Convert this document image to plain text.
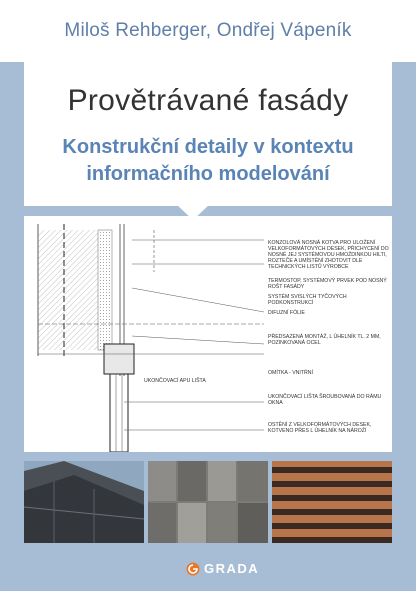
Miloš Rehberger, Ondřej Vápeník
Provětrávané fasády
Konstrukční detaily v kontextu
informačního modelování
KONZOLOVÁ NOSNÁ KOTVA PRO ULOŽENÍ VELKOFORMÁTOVÝCH DESEK, PŘICHYCENÍ DO NOSNÉ JEJ SYSTÉMOVOU HMOŽDINKOU HILTI, ROZTEČE A UMÍSTĚNÍ ZHOTOVIT DLE TECHNICKÝCH LISTŮ VÝROBCE
TERMOSTOP, SYSTÉMOVÝ PRVEK POD NOSNÝ ROŠT FASÁDY
SYSTÉM SVISLÝCH TYČOVÝCH PODKONSTRUKCÍ
DIFUZNÍ FÓLIE
PŘEDSAZENÁ MONTÁŽ, L ÚHELNÍK TL. 2 MM, POZINKOVANÁ OCEL
OMÍTKA - VNITŘNÍ
UKONČOVACÍ LIŠTA ŠROUBOVANÁ DO RÁMU OKNA
OSTĚNÍ Z VELKOFORMÁTOVÝCH DESEK, KOTVENO PŘES L ÚHELNÍK NA NÁROŽÍ
UKONČOVACÍ APU LIŠTA
GRADA
